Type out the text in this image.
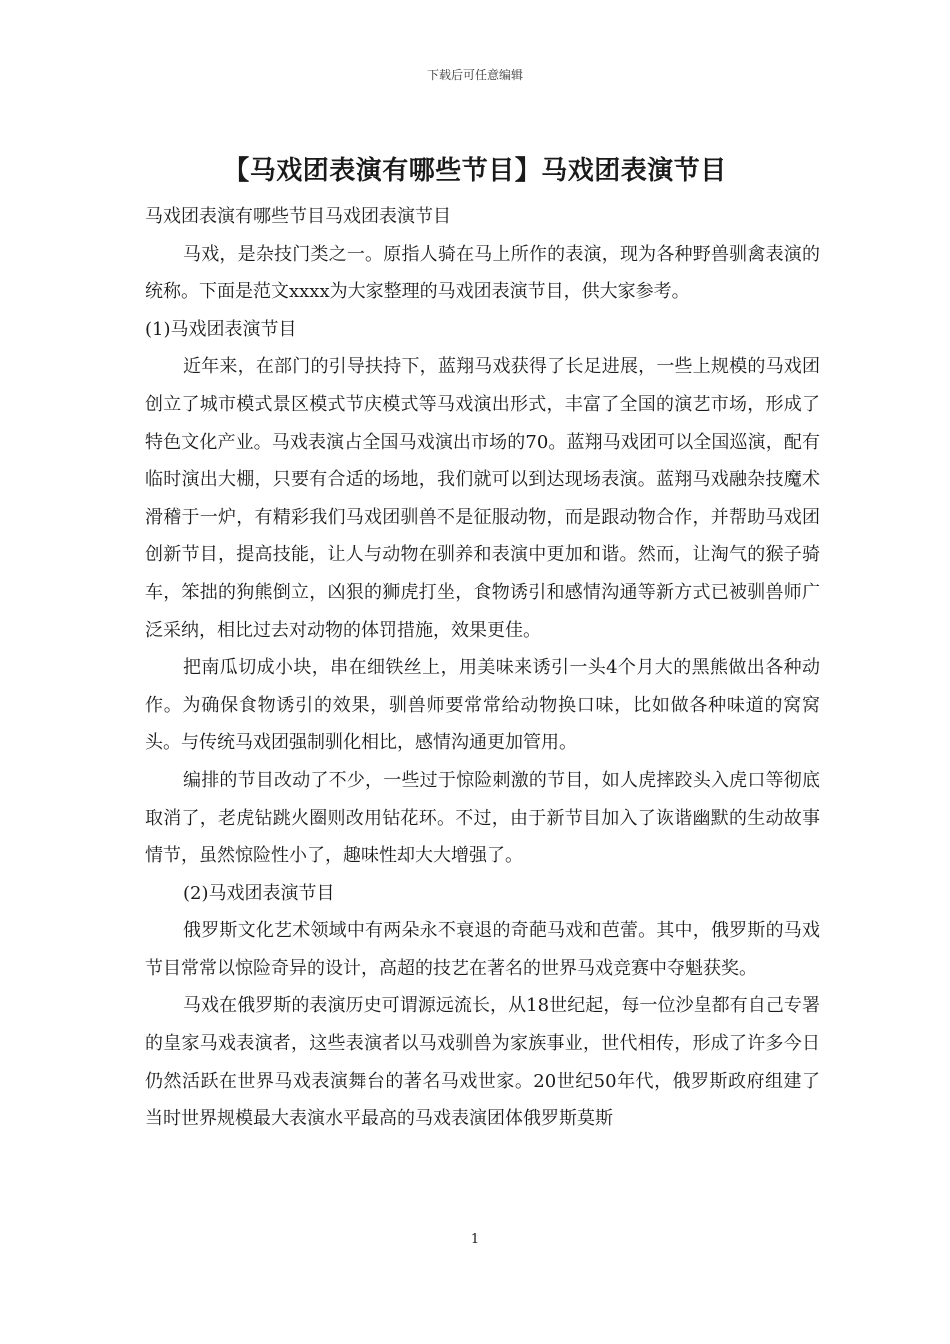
下载后可任意编辑
【马戏团表演有哪些节目】马戏团表演节目

马戏团表演有哪些节目马戏团表演节目

马戏，是杂技门类之一。原指人骑在马上所作的表演，现为各种野兽驯禽表演的统称。下面是范文xxxx为大家整理的马戏团表演节目，供大家参考。

(1)马戏团表演节目

近年来，在部门的引导扶持下，蓝翔马戏获得了长足进展，一些上规模的马戏团创立了城市模式景区模式节庆模式等马戏演出形式，丰富了全国的演艺市场，形成了特色文化产业。马戏表演占全国马戏演出市场的70。蓝翔马戏团可以全国巡演，配有临时演出大棚，只要有合适的场地，我们就可以到达现场表演。蓝翔马戏融杂技魔术滑稽于一炉，有精彩我们马戏团驯兽不是征服动物，而是跟动物合作，并帮助马戏团创新节目，提高技能，让人与动物在驯养和表演中更加和谐。然而，让淘气的猴子骑车，笨拙的狗熊倒立，凶狠的狮虎打坐，食物诱引和感情沟通等新方式已被驯兽师广泛采纳，相比过去对动物的体罚措施，效果更佳。

把南瓜切成小块，串在细铁丝上，用美味来诱引一头4个月大的黑熊做出各种动作。为确保食物诱引的效果，驯兽师要常常给动物换口味，比如做各种味道的窝窝头。与传统马戏团强制驯化相比，感情沟通更加管用。

编排的节目改动了不少，一些过于惊险刺激的节目，如人虎摔跤头入虎口等彻底取消了，老虎钻跳火圈则改用钻花环。不过，由于新节目加入了诙谐幽默的生动故事情节，虽然惊险性小了，趣味性却大大增强了。

(2)马戏团表演节目

俄罗斯文化艺术领域中有两朵永不衰退的奇葩马戏和芭蕾。其中，俄罗斯的马戏节目常常以惊险奇异的设计，高超的技艺在著名的世界马戏竞赛中夺魁获奖。

马戏在俄罗斯的表演历史可谓源远流长，从18世纪起，每一位沙皇都有自己专署的皇家马戏表演者，这些表演者以马戏驯兽为家族事业，世代相传，形成了许多今日仍然活跃在世界马戏表演舞台的著名马戏世家。20世纪50年代，俄罗斯政府组建了当时世界规模最大表演水平最高的马戏表演团体俄罗斯莫斯

1
